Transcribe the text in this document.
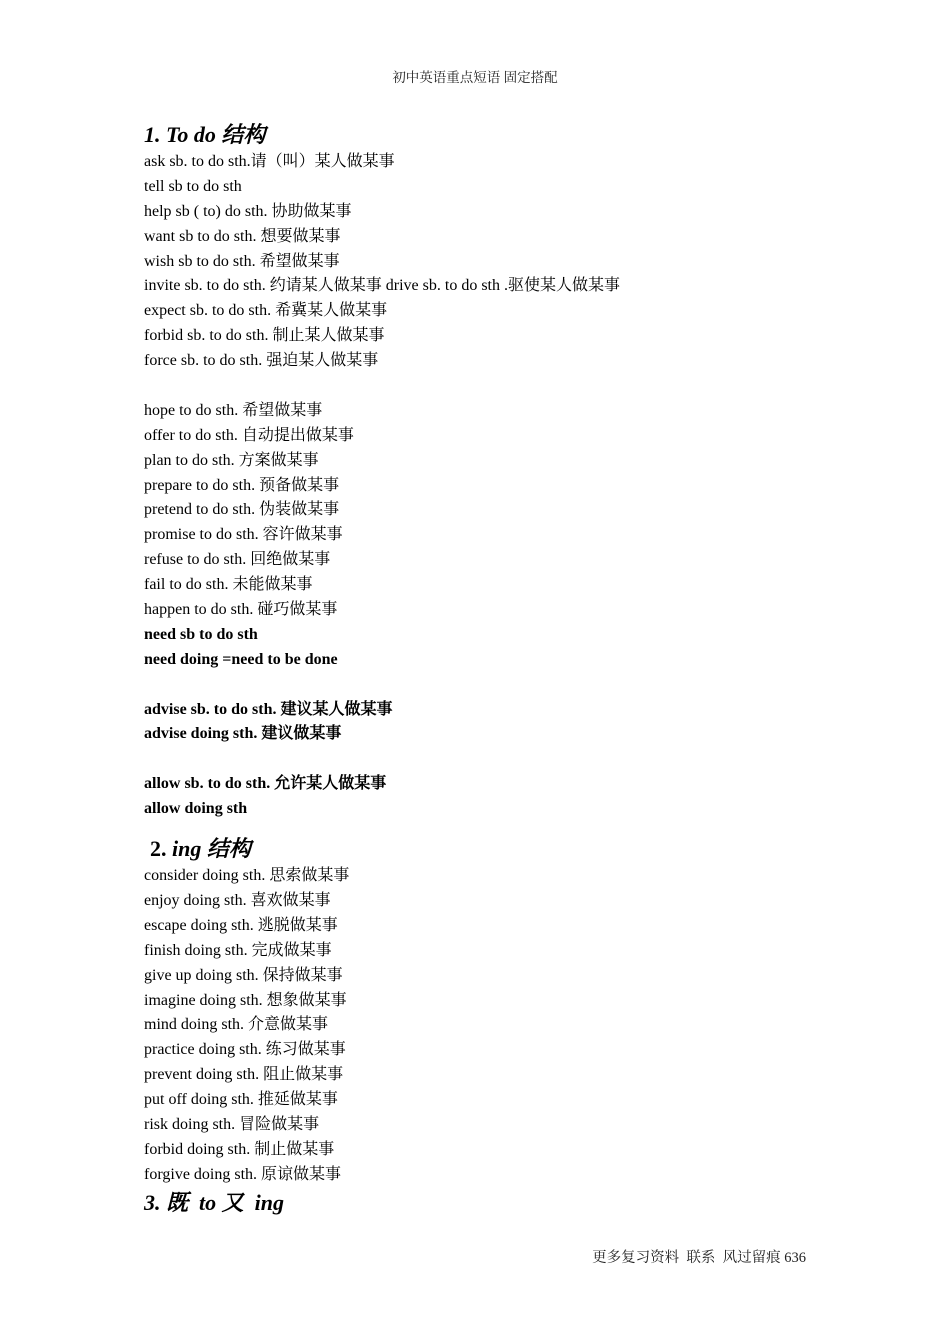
初中英语重点短语 固定搭配
1. To do 结构
ask sb. to do sth.请（叫）某人做某事
tell sb to do sth
help sb ( to) do sth. 协助做某事
want sb to do sth. 想要做某事
wish sb to do sth. 希望做某事
invite sb. to do sth. 约请某人做某事 drive sb. to do sth .驱使某人做某事
expect sb. to do sth. 希冀某人做某事
forbid sb. to do sth. 制止某人做某事
force sb. to do sth. 强迫某人做某事
hope to do sth. 希望做某事
offer to do sth. 自动提出做某事
plan to do sth. 方案做某事
prepare to do sth. 预备做某事
pretend to do sth. 伪装做某事
promise to do sth. 容许做某事
refuse to do sth. 回绝做某事
fail to do sth. 未能做某事
happen to do sth. 碰巧做某事
need sb to do sth
need doing =need to be done
advise sb. to do sth. 建议某人做某事
advise doing sth. 建议做某事
allow sb. to do sth. 允许某人做某事
allow doing sth
2. ing 结构
consider doing sth. 思索做某事
enjoy doing sth. 喜欢做某事
escape doing sth. 逃脱做某事
finish doing sth. 完成做某事
give up doing sth. 保持做某事
imagine doing sth. 想象做某事
mind doing sth. 介意做某事
practice doing sth. 练习做某事
prevent doing sth. 阻止做某事
put off doing sth. 推延做某事
risk doing sth. 冒险做某事
forbid doing sth. 制止做某事
forgive doing sth. 原谅做某事
3. 既  to 又  ing
更多复习资料  联系  风过留痕 636
